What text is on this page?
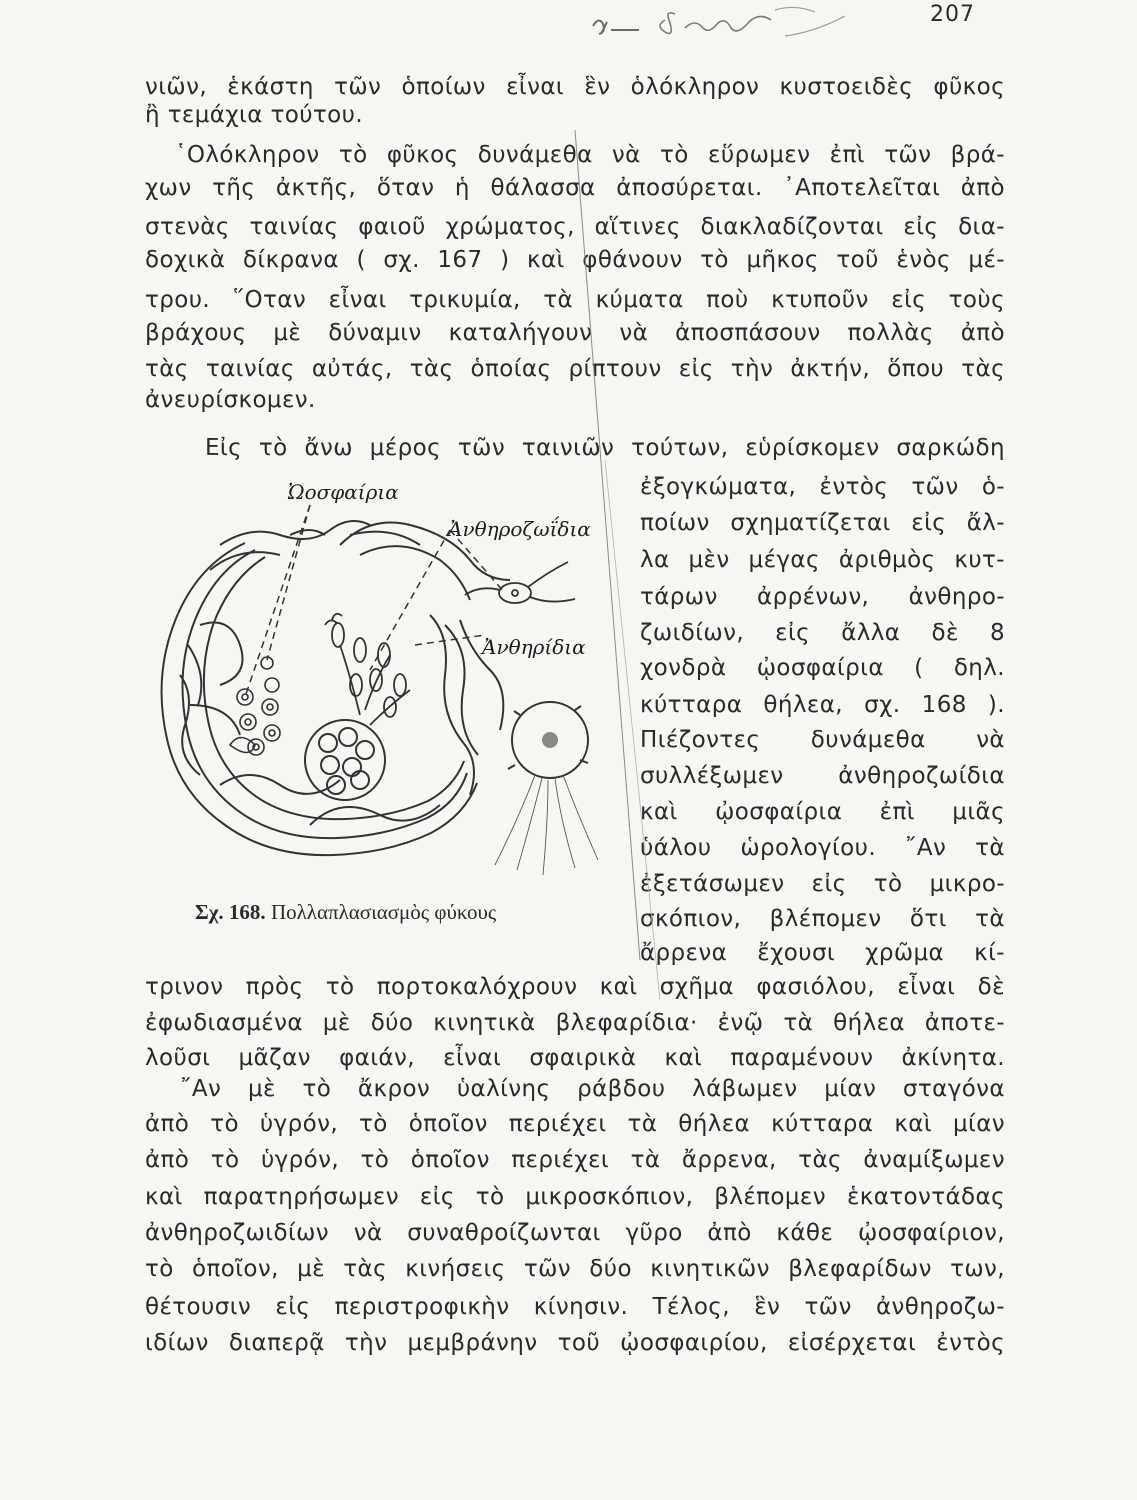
207
νιῶν, ἑκάστη τῶν ὁποίων εἶναι ἓν ὁλόκληρον κυστοειδὲς φῦκος
ἢ τεμάχια τούτου.
῾Ολόκληρον τὸ φῦκος δυνάμεθα νὰ τὸ εὕρωμεν ἐπὶ τῶν βρά-
χων τῆς ἀκτῆς, ὅταν ἡ θάλασσα ἀποσύρεται. ᾿Αποτελεῖται ἀπὸ
στενὰς ταινίας φαιοῦ χρώματος, αἵτινες διακλαδίζονται εἰς δια-
δοχικὰ δίκρανα ( σχ. 167 ) καὶ φθάνουν τὸ μῆκος τοῦ ἑνὸς μέ-
τρου. ῞Οταν εἶναι τρικυμία, τὰ κύματα ποὺ κτυποῦν εἰς τοὺς
βράχους μὲ δύναμιν καταλήγουν νὰ ἀποσπάσουν πολλὰς ἀπὸ
τὰς ταινίας αὐτάς, τὰς ὁποίας ρίπτουν εἰς τὴν ἀκτήν, ὅπου τὰς
ἀνευρίσκομεν.
Εἰς τὸ ἄνω μέρος τῶν ταινιῶν τούτων, εὑρίσκομεν σαρκώδη
ἐξογκώματα, ἐντὸς τῶν ὁ-
ποίων σχηματίζεται εἰς ἄλ-
λα μὲν μέγας ἀριθμὸς κυτ-
τάρων ἀρρένων, ἀνθηρο-
ζωιδίων, εἰς ἄλλα δὲ 8
χονδρὰ ᾠοσφαίρια ( δηλ.
κύτταρα θήλεα, σχ. 168 ).
Πιέζοντες δυνάμεθα νὰ
συλλέξωμεν ἀνθηροζωίδια
καὶ ᾠοσφαίρια ἐπὶ μιᾶς
ὑάλου ὡρολογίου. ῎Αν τὰ
ἐξετάσωμεν εἰς τὸ μικρο-
σκόπιον, βλέπομεν ὅτι τὰ
ἄρρενα ἔχουσι χρῶμα κί-
τρινον πρὸς τὸ πορτοκαλόχρουν καὶ σχῆμα φασιόλου, εἶναι δὲ
ἐφωδιασμένα μὲ δύο κινητικὰ βλεφαρίδια· ἐνῷ τὰ θήλεα ἀποτε-
λοῦσι μᾶζαν φαιάν, εἶναι σφαιρικὰ καὶ παραμένουν ἀκίνητα.
῎Αν μὲ τὸ ἄκρον ὑαλίνης ράβδου λάβωμεν μίαν σταγόνα
ἀπὸ τὸ ὑγρόν, τὸ ὁποῖον περιέχει τὰ θήλεα κύτταρα καὶ μίαν
ἀπὸ τὸ ὑγρόν, τὸ ὁποῖον περιέχει τὰ ἄρρενα, τὰς ἀναμίξωμεν
καὶ παρατηρήσωμεν εἰς τὸ μικροσκόπιον, βλέπομεν ἑκατοντάδας
ἀνθηροζωιδίων νὰ συναθροίζωνται γῦρο ἀπὸ κάθε ᾠοσφαίριον,
τὸ ὁποῖον, μὲ τὰς κινήσεις τῶν δύο κινητικῶν βλεφαρίδων των,
θέτουσιν εἰς περιστροφικὴν κίνησιν. Τέλος, ἓν τῶν ἀνθηροζω-
ιδίων διαπερᾷ τὴν μεμβράνην τοῦ ᾠοσφαιρίου, εἰσέρχεται ἐντὸς
Ὠοσφαίρια
Ἀνθηροζωΐδια
Ἀνθηρίδια
Σχ. 168. Πολλαπλασιασμὸς φύκους
